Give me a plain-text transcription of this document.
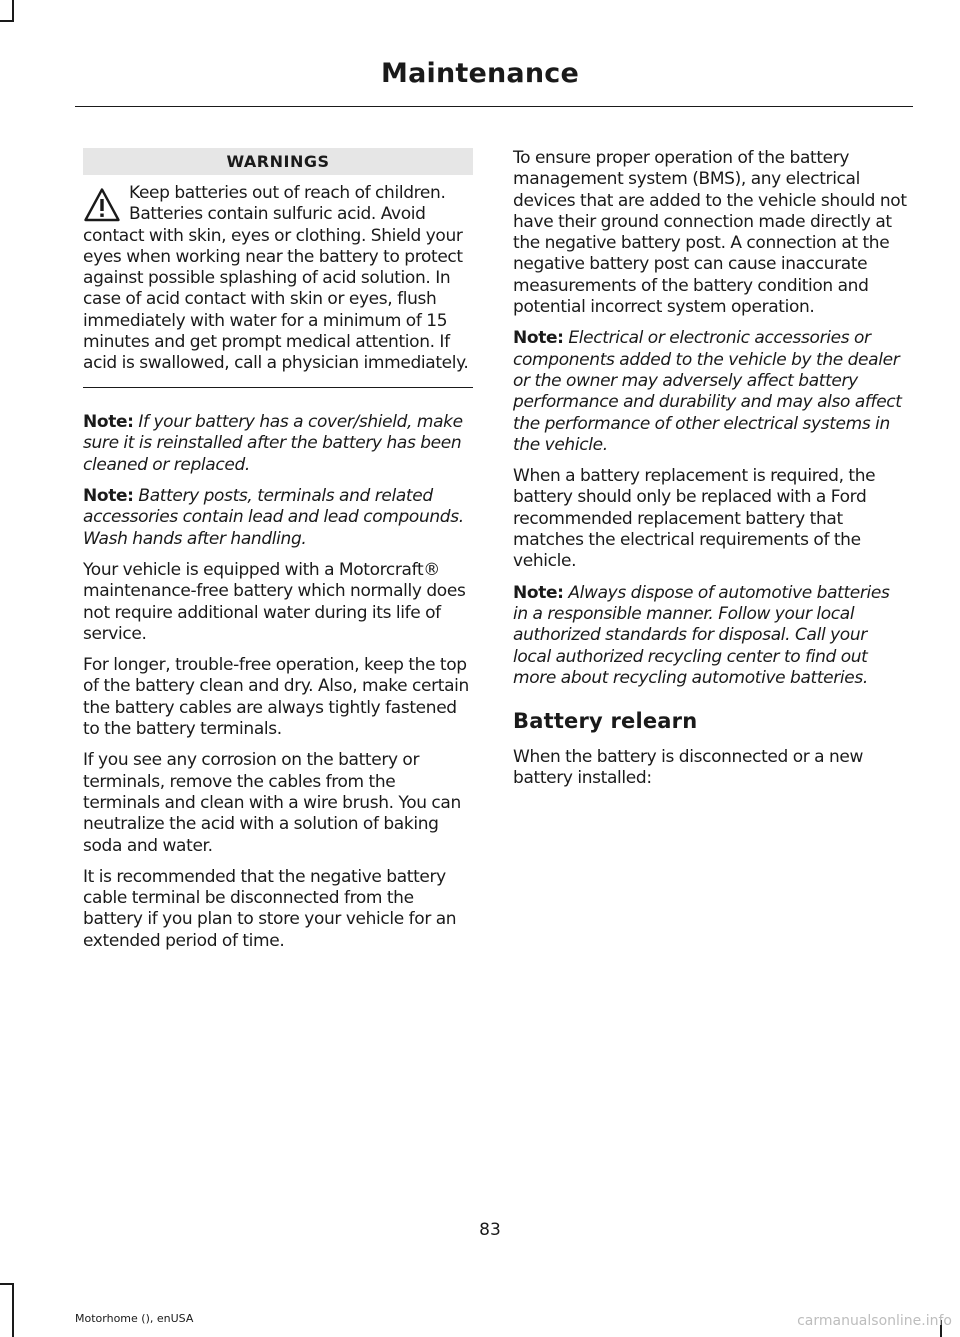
Maintenance
WARNINGS

Keep batteries out of reach of children. Batteries contain sulfuric acid. Avoid contact with skin, eyes or clothing. Shield your eyes when working near the battery to protect against possible splashing of acid solution. In case of acid contact with skin or eyes, flush immediately with water for a minimum of 15 minutes and get prompt medical attention. If acid is swallowed, call a physician immediately.

Note: If your battery has a cover/shield, make sure it is reinstalled after the battery has been cleaned or replaced.

Note: Battery posts, terminals and related accessories contain lead and lead compounds. Wash hands after handling.

Your vehicle is equipped with a Motorcraft® maintenance-free battery which normally does not require additional water during its life of service.

For longer, trouble-free operation, keep the top of the battery clean and dry. Also, make certain the battery cables are always tightly fastened to the battery terminals.

If you see any corrosion on the battery or terminals, remove the cables from the terminals and clean with a wire brush. You can neutralize the acid with a solution of baking soda and water.

It is recommended that the negative battery cable terminal be disconnected from the battery if you plan to store your vehicle for an extended period of time.

To ensure proper operation of the battery management system (BMS), any electrical devices that are added to the vehicle should not have their ground connection made directly at the negative battery post. A connection at the negative battery post can cause inaccurate measurements of the battery condition and potential incorrect system operation.

Note: Electrical or electronic accessories or components added to the vehicle by the dealer or the owner may adversely affect battery performance and durability and may also affect the performance of other electrical systems in the vehicle.

When a battery replacement is required, the battery should only be replaced with a Ford recommended replacement battery that matches the electrical requirements of the vehicle.

Note: Always dispose of automotive batteries in a responsible manner. Follow your local authorized standards for disposal. Call your local authorized recycling center to find out more about recycling automotive batteries.

Battery relearn

When the battery is disconnected or a new battery installed:

83
Motorhome (), enUSA	carmanualsonline.info
